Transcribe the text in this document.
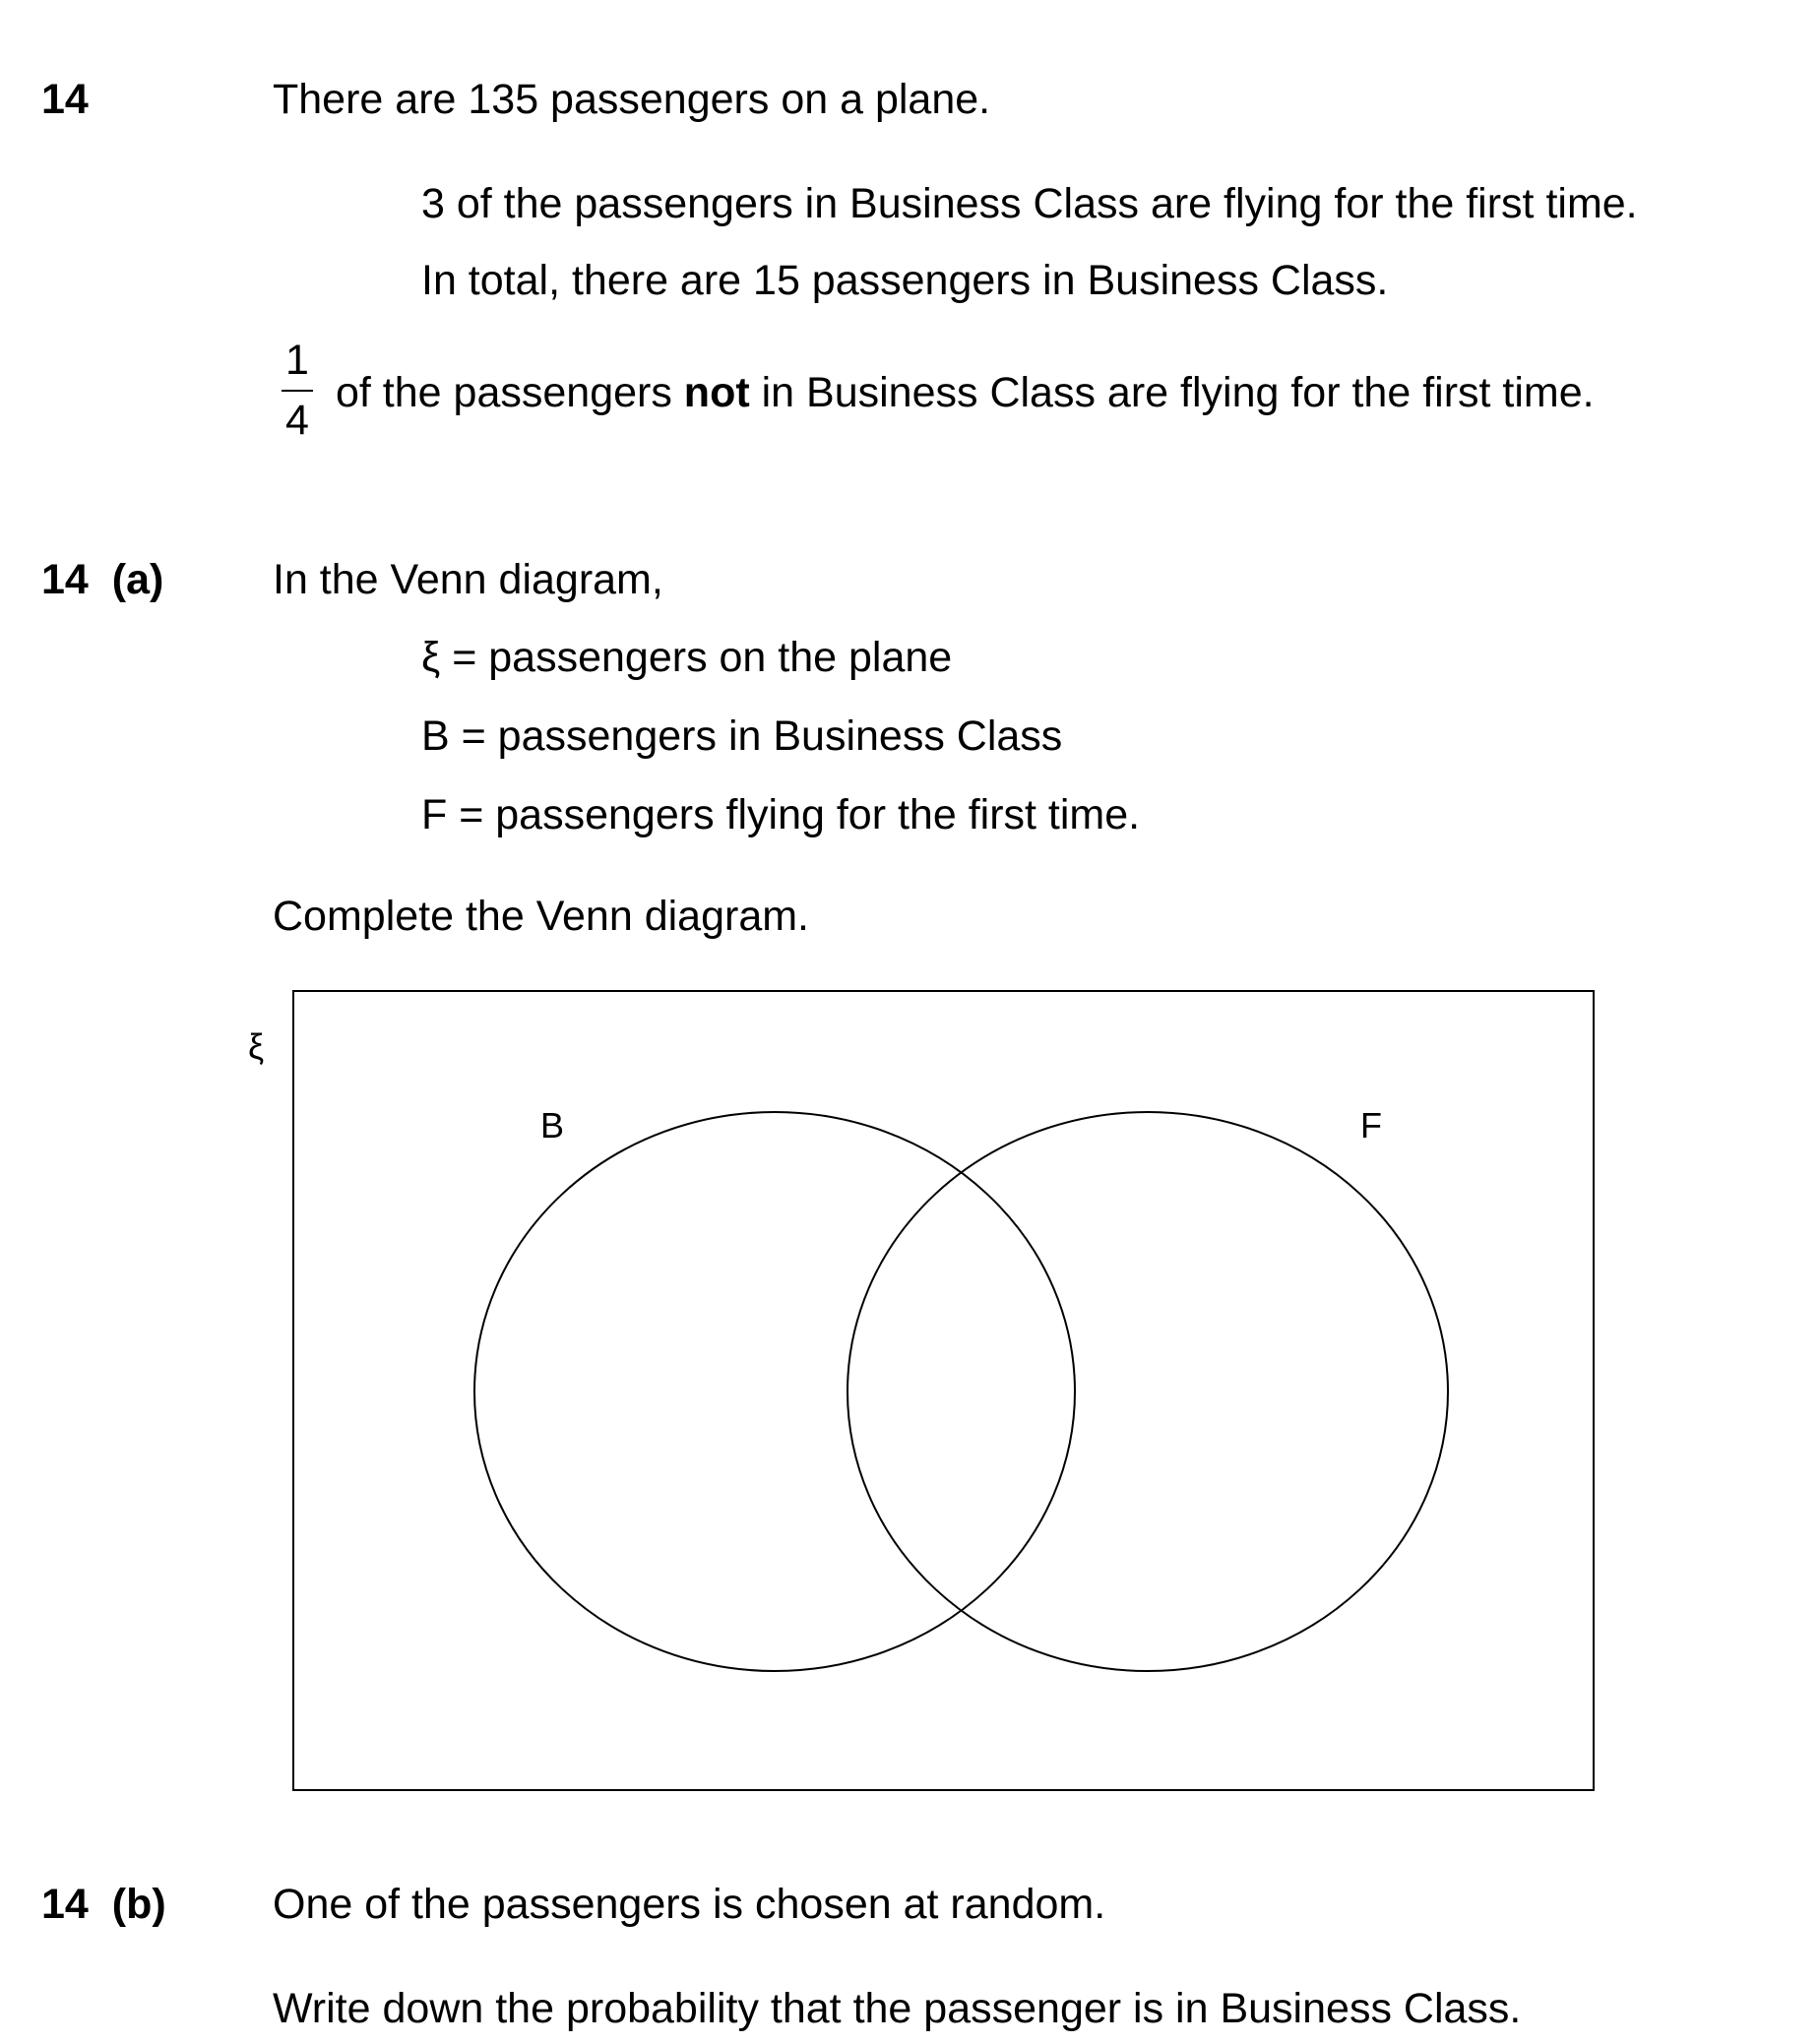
14	There are 135 passengers on a plane.
3 of the passengers in Business Class are flying for the first time.
In total, there are 15 passengers in Business Class.
1
4
of the passengers not in Business Class are flying for the first time.
14 (a)	In the Venn diagram,
ξ = passengers on the plane
B = passengers in Business Class
F = passengers flying for the first time.
Complete the Venn diagram.
ξ
B	F
14 (b)	One of the passengers is chosen at random.
Write down the probability that the passenger is in Business Class.
